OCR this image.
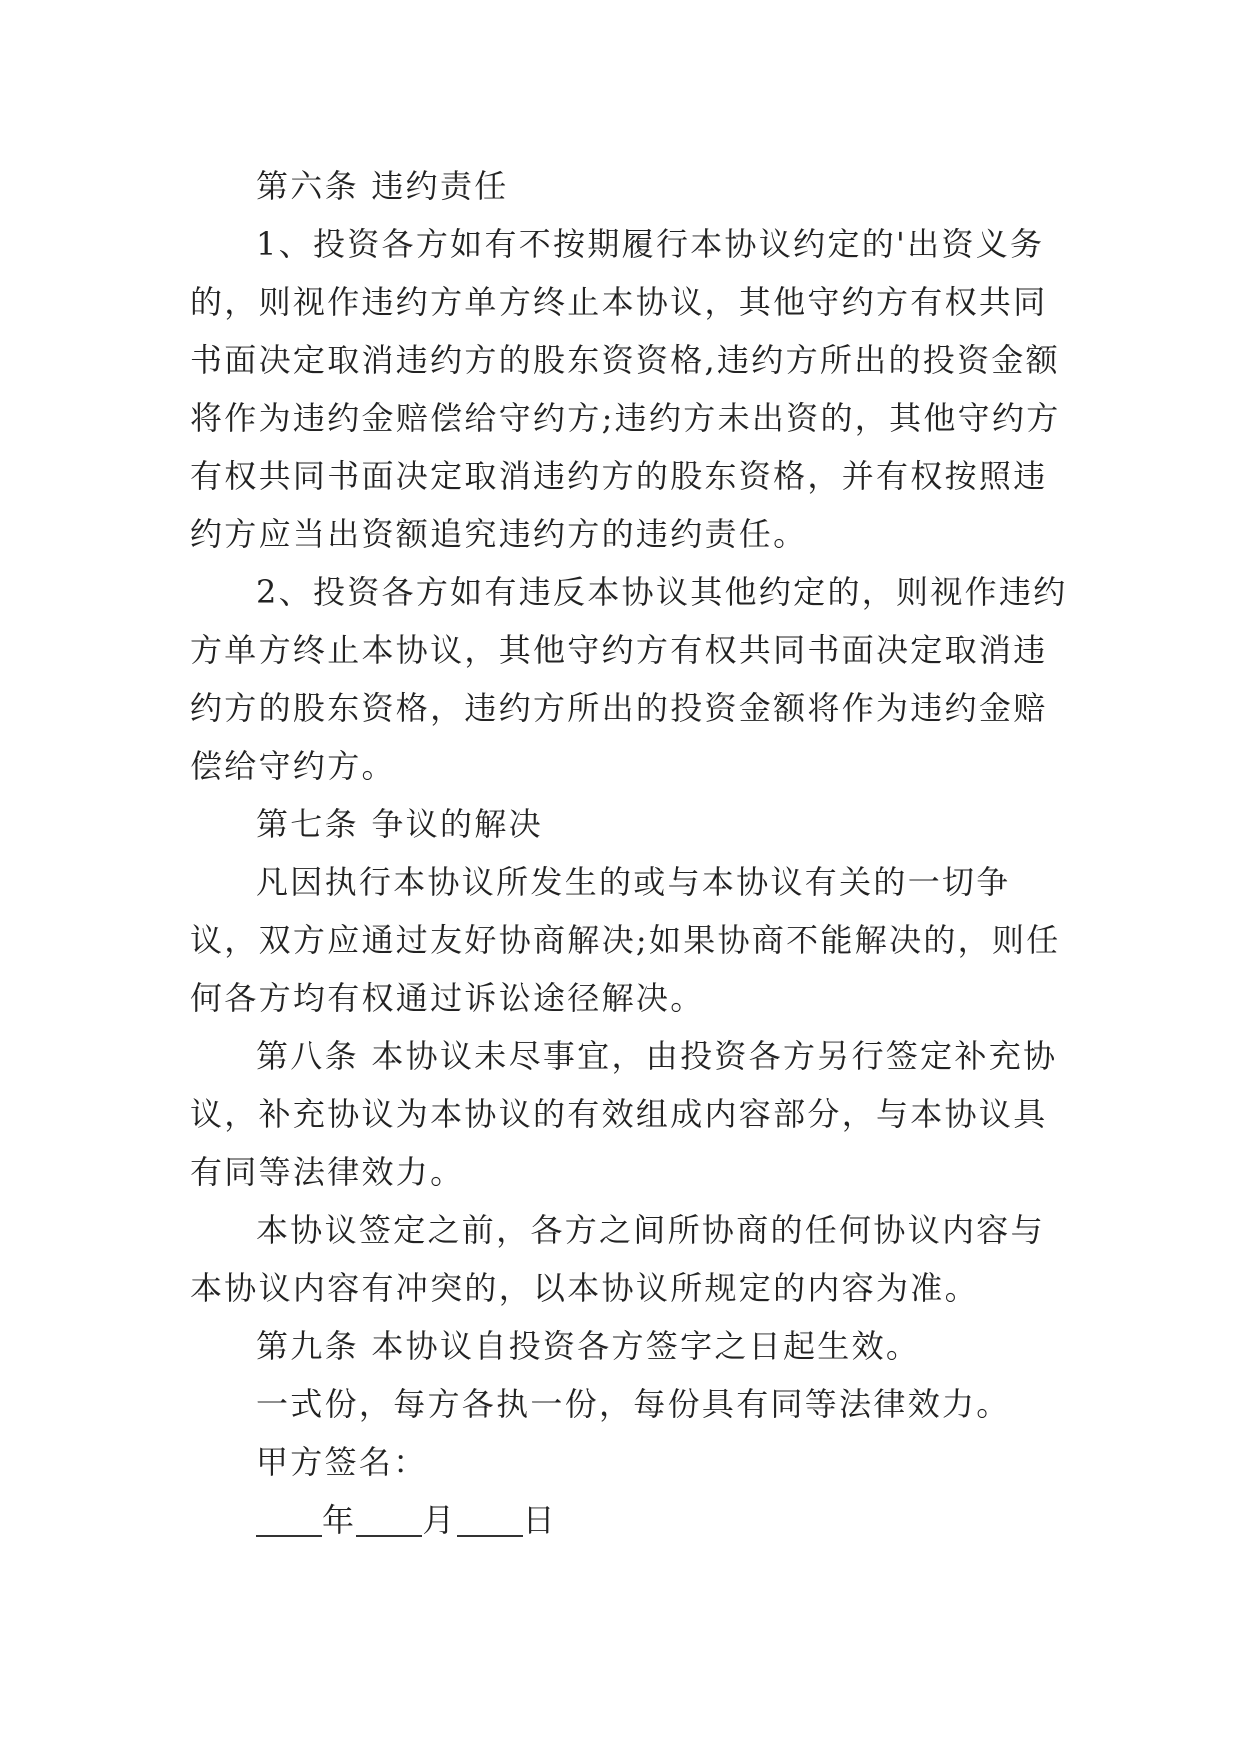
第六条 违约责任

1、投资各方如有不按期履行本协议约定的'出资义务的，则视作违约方单方终止本协议，其他守约方有权共同书面决定取消违约方的股东资资格,违约方所出的投资金额将作为违约金赔偿给守约方;违约方未出资的，其他守约方有权共同书面决定取消违约方的股东资格，并有权按照违约方应当出资额追究违约方的违约责任。

2、投资各方如有违反本协议其他约定的，则视作违约方单方终止本协议，其他守约方有权共同书面决定取消违约方的股东资格，违约方所出的投资金额将作为违约金赔偿给守约方。

第七条 争议的解决

凡因执行本协议所发生的或与本协议有关的一切争议，双方应通过友好协商解决;如果协商不能解决的，则任何各方均有权通过诉讼途径解决。

第八条 本协议未尽事宜，由投资各方另行签定补充协议，补充协议为本协议的有效组成内容部分，与本协议具有同等法律效力。

本协议签定之前，各方之间所协商的任何协议内容与本协议内容有冲突的，以本协议所规定的内容为准。

第九条 本协议自投资各方签字之日起生效。

一式份，每方各执一份，每份具有同等法律效力。

甲方签名：

年 月 日
